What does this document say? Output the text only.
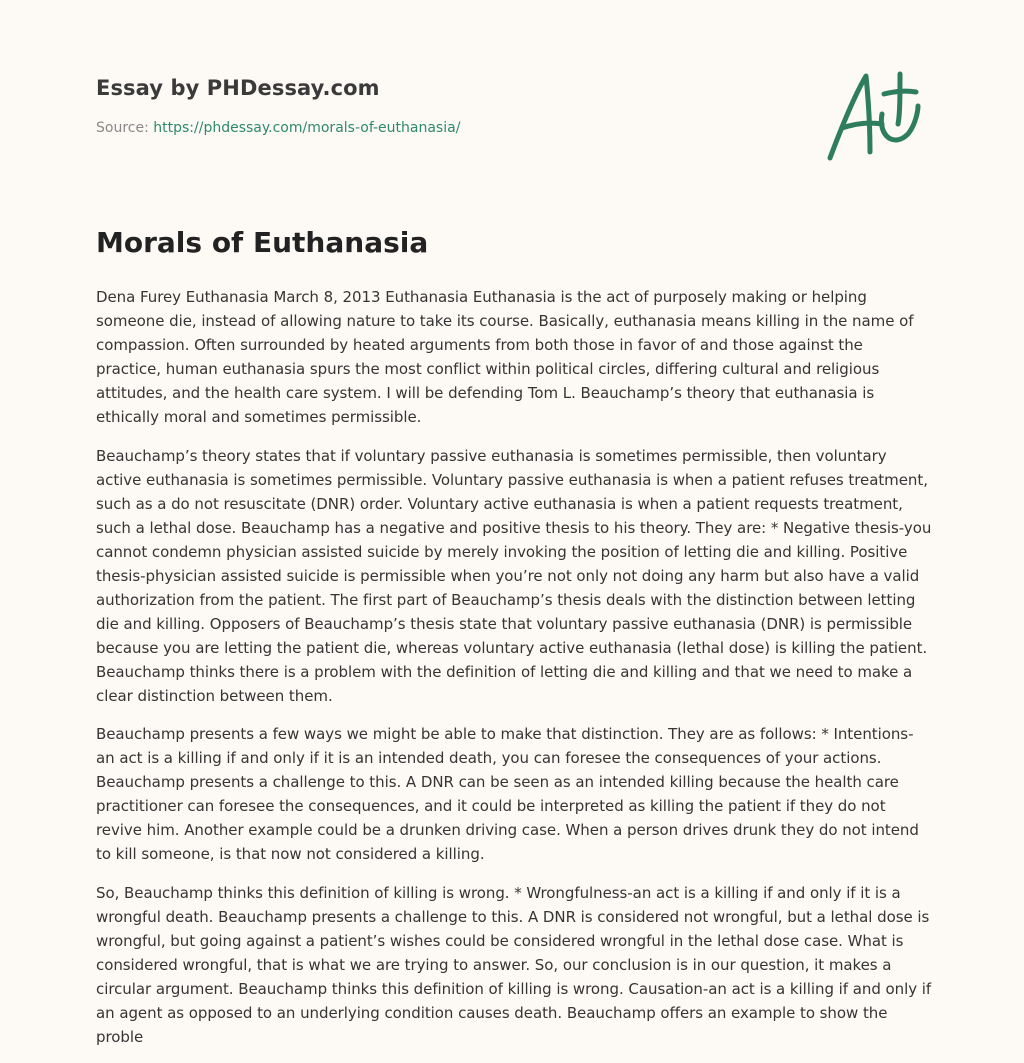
Essay by PHDessay.com
Source: https://phdessay.com/morals-of-euthanasia/
Morals of Euthanasia

Dena Furey Euthanasia March 8, 2013 Euthanasia Euthanasia is the act of purposely making or helping someone die, instead of allowing nature to take its course. Basically, euthanasia means killing in the name of compassion. Often surrounded by heated arguments from both those in favor of and those against the practice, human euthanasia spurs the most conflict within political circles, differing cultural and religious attitudes, and the health care system. I will be defending Tom L. Beauchamp’s theory that euthanasia is ethically moral and sometimes permissible.

Beauchamp’s theory states that if voluntary passive euthanasia is sometimes permissible, then voluntary active euthanasia is sometimes permissible. Voluntary passive euthanasia is when a patient refuses treatment, such as a do not resuscitate (DNR) order. Voluntary active euthanasia is when a patient requests treatment, such a lethal dose. Beauchamp has a negative and positive thesis to his theory. They are: * Negative thesis-you cannot condemn physician assisted suicide by merely invoking the position of letting die and killing. Positive thesis-physician assisted suicide is permissible when you’re not only not doing any harm but also have a valid authorization from the patient. The first part of Beauchamp’s thesis deals with the distinction between letting die and killing. Opposers of Beauchamp’s thesis state that voluntary passive euthanasia (DNR) is permissible because you are letting the patient die, whereas voluntary active euthanasia (lethal dose) is killing the patient. Beauchamp thinks there is a problem with the definition of letting die and killing and that we need to make a clear distinction between them.

Beauchamp presents a few ways we might be able to make that distinction. They are as follows: * Intentions-an act is a killing if and only if it is an intended death, you can foresee the consequences of your actions. Beauchamp presents a challenge to this. A DNR can be seen as an intended killing because the health care practitioner can foresee the consequences, and it could be interpreted as killing the patient if they do not revive him. Another example could be a drunken driving case. When a person drives drunk they do not intend to kill someone, is that now not considered a killing.

So, Beauchamp thinks this definition of killing is wrong. * Wrongfulness-an act is a killing if and only if it is a wrongful death. Beauchamp presents a challenge to this. A DNR is considered not wrongful, but a lethal dose is wrongful, but going against a patient’s wishes could be considered wrongful in the lethal dose case. What is considered wrongful, that is what we are trying to answer. So, our conclusion is in our question, it makes a circular argument. Beauchamp thinks this definition of killing is wrong. Causation-an act is a killing if and only if an agent as opposed to an underlying condition causes death. Beauchamp offers an example to show the proble
